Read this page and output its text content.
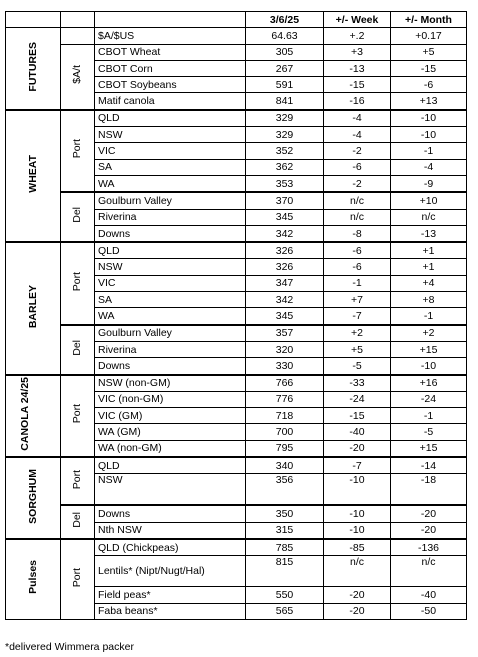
			3/6/25	+/- Week	+/- Month
FUTURES		$A/$US	64.63	+.2	+0.17
	$A/t	CBOT Wheat	305	+3	+5
		CBOT Corn	267	-13	-15
		CBOT Soybeans	591	-15	-6
		Matif canola	841	-16	+13
WHEAT	Port	QLD	329	-4	-10
		NSW	329	-4	-10
		VIC	352	-2	-1
		SA	362	-6	-4
		WA	353	-2	-9
	Del	Goulburn Valley	370	n/c	+10
		Riverina	345	n/c	n/c
		Downs	342	-8	-13
BARLEY	Port	QLD	326	-6	+1
		NSW	326	-6	+1
		VIC	347	-1	+4
		SA	342	+7	+8
		WA	345	-7	-1
	Del	Goulburn Valley	357	+2	+2
		Riverina	320	+5	+15
		Downs	330	-5	-10
CANOLA 24/25	Port	NSW (non-GM)	766	-33	+16
		VIC (non-GM)	776	-24	-24
		VIC (GM)	718	-15	-1
		WA (GM)	700	-40	-5
		WA (non-GM)	795	-20	+15
SORGHUM	Port	QLD	340	-7	-14
		NSW	356	-10	-18
	Del	Downs	350	-10	-20
		Nth NSW	315	-10	-20
Pulses	Port	QLD (Chickpeas)	785	-85	-136
		Lentils* (Nipt/Nugt/Hal)	815	n/c	n/c
		Field peas*	550	-20	-40
		Faba beans*	565	-20	-50
*delivered Wimmera packer
